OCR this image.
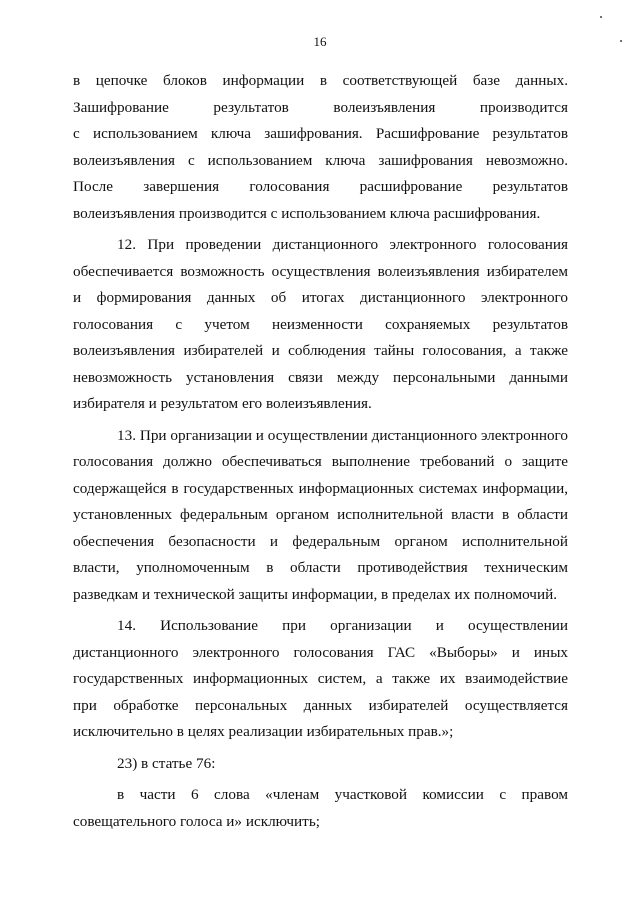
16
в цепочке блоков информации в соответствующей базе данных.
Зашифрование результатов волеизъявления производится
с использованием ключа зашифрования. Расшифрование результатов
волеизъявления с использованием ключа зашифрования невозможно.
После завершения голосования расшифрование результатов
волеизъявления производится с использованием ключа расшифрования.
12. При проведении дистанционного электронного голосования
обеспечивается возможность осуществления волеизъявления избирателем
и формирования данных об итогах дистанционного электронного
голосования с учетом неизменности сохраняемых результатов
волеизъявления избирателей и соблюдения тайны голосования, а также
невозможность установления связи между персональными данными
избирателя и результатом его волеизъявления.
13. При организации и осуществлении дистанционного электронного
голосования должно обеспечиваться выполнение требований о защите
содержащейся в государственных информационных системах информации,
установленных федеральным органом исполнительной власти в области
обеспечения безопасности и федеральным органом исполнительной
власти, уполномоченным в области противодействия техническим
разведкам и технической защиты информации, в пределах их полномочий.
14. Использование при организации и осуществлении
дистанционного электронного голосования ГАС «Выборы» и иных
государственных информационных систем, а также их взаимодействие
при обработке персональных данных избирателей осуществляется
исключительно в целях реализации избирательных прав.»;
23) в статье 76:
в части 6 слова «членам участковой комиссии с правом
совещательного голоса и» исключить;
